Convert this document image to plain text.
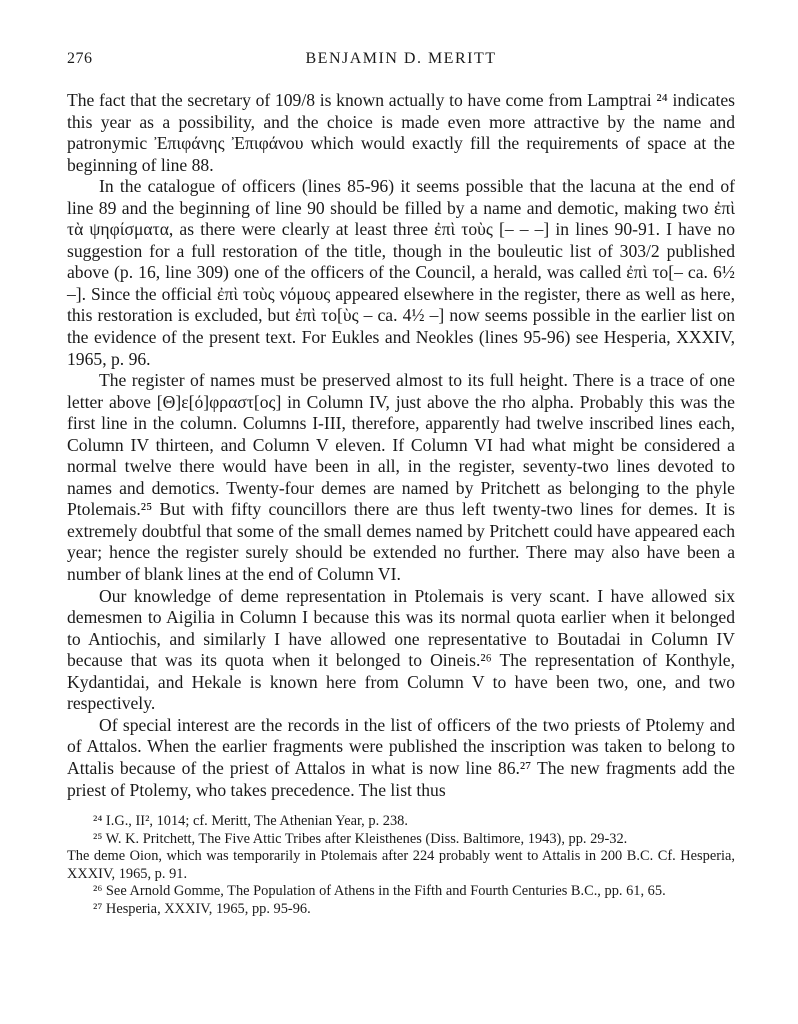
276	BENJAMIN D. MERITT

The fact that the secretary of 109/8 is known actually to have come from Lamptrai ²⁴ indicates this year as a possibility, and the choice is made even more attractive by the name and patronymic Ἐπιφάνης Ἐπιφάνου which would exactly fill the requirements of space at the beginning of line 88.

In the catalogue of officers (lines 85-96) it seems possible that the lacuna at the end of line 89 and the beginning of line 90 should be filled by a name and demotic, making two ἐπὶ τὰ ψηφίσματα, as there were clearly at least three ἐπὶ τοὺς [– – –] in lines 90-91. I have no suggestion for a full restoration of the title, though in the bouleutic list of 303/2 published above (p. 16, line 309) one of the officers of the Council, a herald, was called ἐπὶ το[– ca. 6½ –]. Since the official ἐπὶ τοὺς νόμους appeared elsewhere in the register, there as well as here, this restoration is excluded, but ἐπὶ το[ὺς – ca. 4½ –] now seems possible in the earlier list on the evidence of the present text. For Eukles and Neokles (lines 95-96) see Hesperia, XXXIV, 1965, p. 96.

The register of names must be preserved almost to its full height. There is a trace of one letter above [Θ]ε[ό]φραστ[ος] in Column IV, just above the rho alpha. Probably this was the first line in the column. Columns I-III, therefore, apparently had twelve inscribed lines each, Column IV thirteen, and Column V eleven. If Column VI had what might be considered a normal twelve there would have been in all, in the register, seventy-two lines devoted to names and demotics. Twenty-four demes are named by Pritchett as belonging to the phyle Ptolemais.²⁵ But with fifty councillors there are thus left twenty-two lines for demes. It is extremely doubtful that some of the small demes named by Pritchett could have appeared each year; hence the register surely should be extended no further. There may also have been a number of blank lines at the end of Column VI.

Our knowledge of deme representation in Ptolemais is very scant. I have allowed six demesmen to Aigilia in Column I because this was its normal quota earlier when it belonged to Antiochis, and similarly I have allowed one representative to Boutadai in Column IV because that was its quota when it belonged to Oineis.²⁶ The representation of Konthyle, Kydantidai, and Hekale is known here from Column V to have been two, one, and two respectively.

Of special interest are the records in the list of officers of the two priests of Ptolemy and of Attalos. When the earlier fragments were published the inscription was taken to belong to Attalis because of the priest of Attalos in what is now line 86.²⁷ The new fragments add the priest of Ptolemy, who takes precedence. The list thus

²⁴ I.G., II², 1014; cf. Meritt, The Athenian Year, p. 238.

²⁵ W. K. Pritchett, The Five Attic Tribes after Kleisthenes (Diss. Baltimore, 1943), pp. 29-32.

The deme Oion, which was temporarily in Ptolemais after 224 probably went to Attalis in 200 B.C. Cf. Hesperia, XXXIV, 1965, p. 91.

²⁶ See Arnold Gomme, The Population of Athens in the Fifth and Fourth Centuries B.C., pp. 61, 65.

²⁷ Hesperia, XXXIV, 1965, pp. 95-96.
